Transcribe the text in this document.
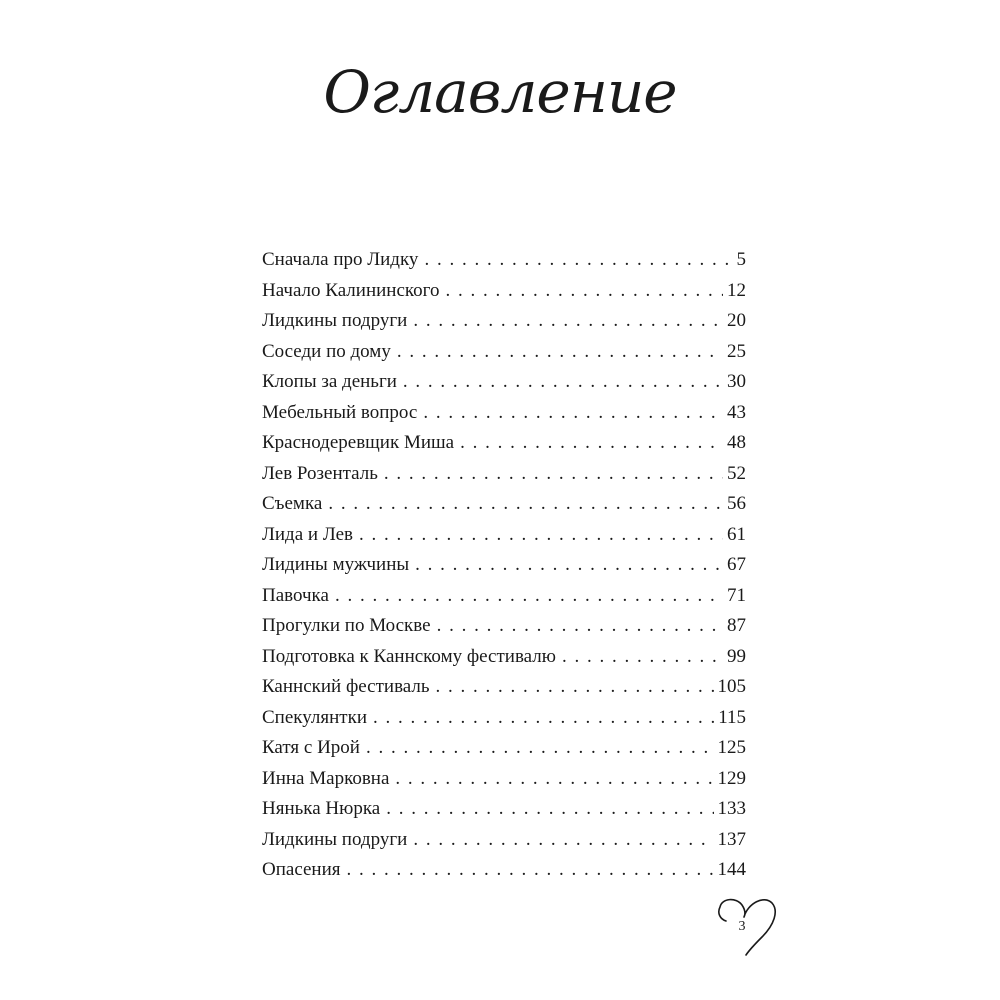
Оглавление
Сначала про Лидку . . .	5
Начало Калининского . . .	12
Лидкины подруги . . .	20
Соседи по дому . . .	25
Клопы за деньги . . .	30
Мебельный вопрос . . .	43
Краснодеревщик Миша . . .	48
Лев Розенталь . . .	52
Съемка . . .	56
Лида и Лев . . .	61
Лидины мужчины . . .	67
Павочка . . .	71
Прогулки по Москве . . .	87
Подготовка к Каннскому фестивалю . . .	99
Каннский фестиваль . . .	105
Спекулянтки . . .	115
Катя с Ирой . . .	125
Инна Марковна . . .	129
Нянька Нюрка . . .	133
Лидкины подруги . . .	137
Опасения . . .	144
3
